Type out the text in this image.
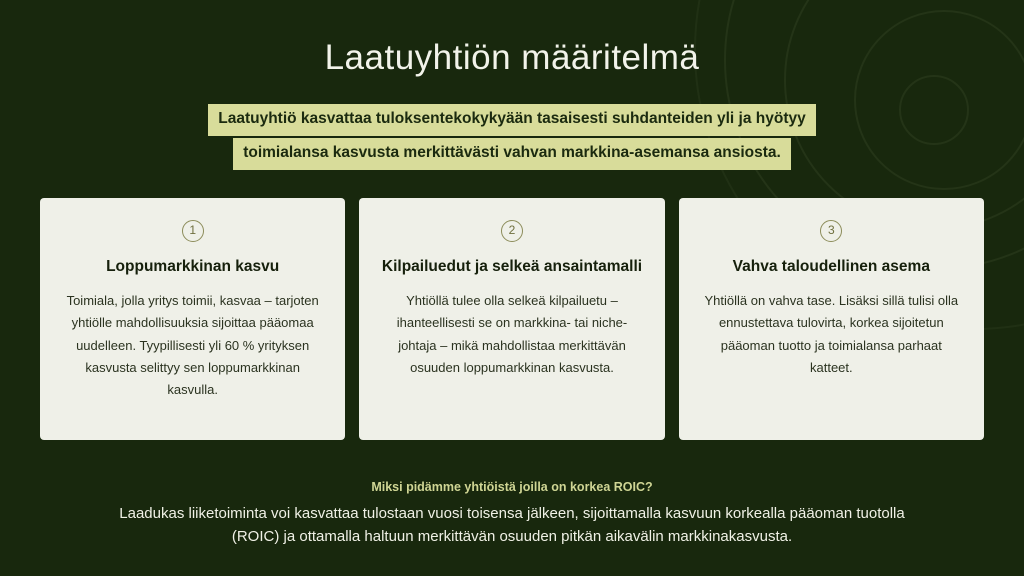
Laatuyhtiön määritelmä
Laatuyhtiö kasvattaa tuloksentekokykyään tasaisesti suhdanteiden yli ja hyötyy
toimialansa kasvusta merkittävästi vahvan markkina-asemansa ansiosta.
1
Loppumarkkinan kasvu
Toimiala, jolla yritys toimii, kasvaa – tarjoten yhtiölle mahdollisuuksia sijoittaa pääomaa uudelleen. Tyypillisesti yli 60 % yrityksen kasvusta selittyy sen loppumarkkinan kasvulla.
2
Kilpailuedut ja selkeä ansaintamalli
Yhtiöllä tulee olla selkeä kilpailuetu – ihanteellisesti se on markkina- tai niche-johtaja – mikä mahdollistaa merkittävän osuuden loppumarkkinan kasvusta.
3
Vahva taloudellinen asema
Yhtiöllä on vahva tase. Lisäksi sillä tulisi olla ennustettava tulovirta, korkea sijoitetun pääoman tuotto ja toimialansa parhaat katteet.
Miksi pidämme yhtiöistä joilla on korkea ROIC?
Laadukas liiketoiminta voi kasvattaa tulostaan vuosi toisensa jälkeen, sijoittamalla kasvuun korkealla pääoman tuotolla (ROIC) ja ottamalla haltuun merkittävän osuuden pitkän aikavälin markkinakasvusta.
